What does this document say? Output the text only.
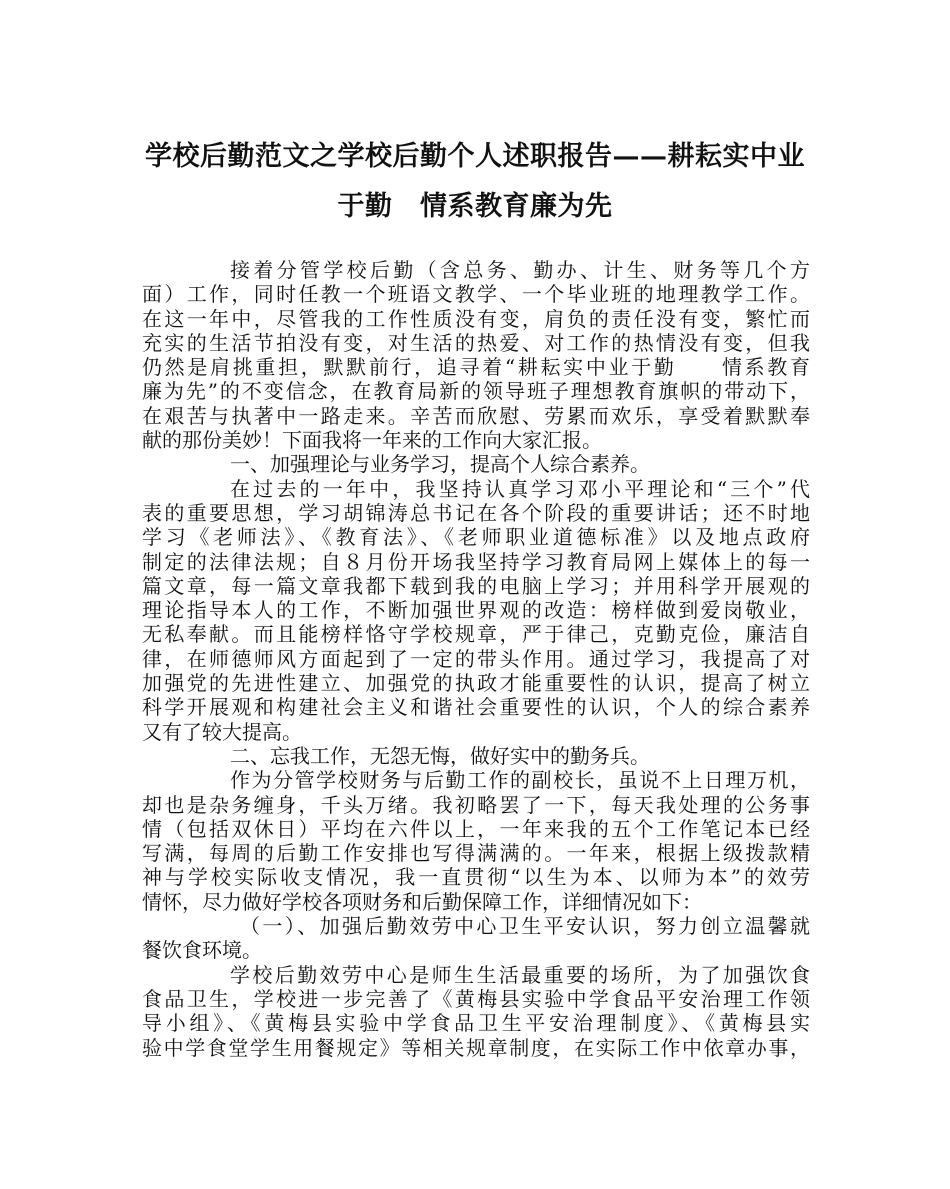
学校后勤范文之学校后勤个人述职报告——耕耘实中业
于勤　情系教育廉为先
接着分管学校后勤（含总务、勤办、计生、财务等几个方
面）工作，同时任教一个班语文教学、一个毕业班的地理教学工作。
在这一年中，尽管我的工作性质没有变，肩负的责任没有变，繁忙而
充实的生活节拍没有变，对生活的热爱、对工作的热情没有变，但我
仍然是肩挑重担，默默前行，追寻着“耕耘实中业于勤　　情系教育
廉为先”的不变信念，在教育局新的领导班子理想教育旗帜的带动下，
在艰苦与执著中一路走来。辛苦而欣慰、劳累而欢乐，享受着默默奉
献的那份美妙！下面我将一年来的工作向大家汇报。
一、加强理论与业务学习，提高个人综合素养。
在过去的一年中，我坚持认真学习邓小平理论和“三个”代
表的重要思想，学习胡锦涛总书记在各个阶段的重要讲话；还不时地
学习《老师法》、《教育法》、《老师职业道德标准》以及地点政府
制定的法律法规；自８月份开场我坚持学习教育局网上媒体上的每一
篇文章，每一篇文章我都下载到我的电脑上学习；并用科学开展观的
理论指导本人的工作，不断加强世界观的改造：榜样做到爱岗敬业，
无私奉献。而且能榜样恪守学校规章，严于律己，克勤克俭，廉洁自
律，在师德师风方面起到了一定的带头作用。通过学习，我提高了对
加强党的先进性建立、加强党的执政才能重要性的认识，提高了树立
科学开展观和构建社会主义和谐社会重要性的认识，个人的综合素养
又有了较大提高。
二、忘我工作，无怨无悔，做好实中的勤务兵。
作为分管学校财务与后勤工作的副校长，虽说不上日理万机，
却也是杂务缠身，千头万绪。我初略罢了一下，每天我处理的公务事
情（包括双休日）平均在六件以上，一年来我的五个工作笔记本已经
写满，每周的后勤工作安排也写得满满的。一年来，根据上级拨款精
神与学校实际收支情况，我一直贯彻“以生为本、以师为本”的效劳
情怀，尽力做好学校各项财务和后勤保障工作，详细情况如下：
（一）、加强后勤效劳中心卫生平安认识，努力创立温馨就
餐饮食环境。
学校后勤效劳中心是师生生活最重要的场所，为了加强饮食
食品卫生，学校进一步完善了《黄梅县实验中学食品平安治理工作领
导小组》、《黄梅县实验中学食品卫生平安治理制度》、《黄梅县实
验中学食堂学生用餐规定》等相关规章制度，在实际工作中依章办事，
